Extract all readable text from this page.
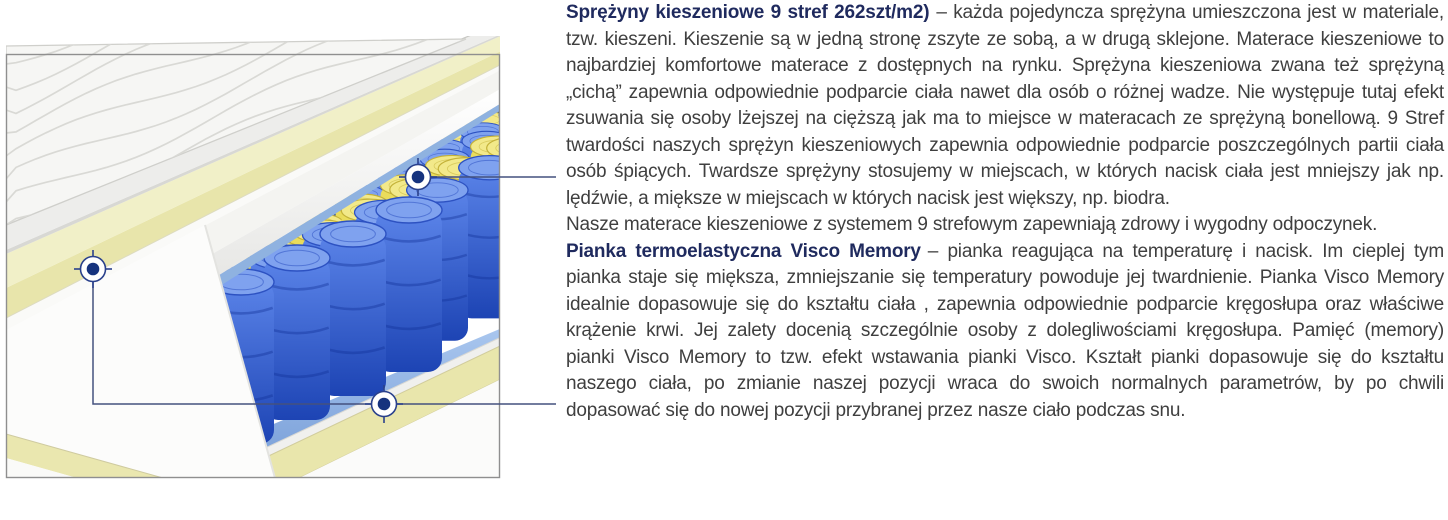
Sprężyny kieszeniowe 9 stref 262szt/m2) – każda pojedyncza sprężyna umieszczona jest w materiale, tzw. kieszeni. Kieszenie są w jedną stronę zszyte ze sobą, a w drugą sklejone. Materace kieszeniowe to najbardziej komfortowe materace z dostępnych na rynku. Sprężyna kieszeniowa zwana też sprężyną „cichą” zapewnia odpowiednie podparcie ciała nawet dla osób o różnej wadze. Nie występuje tutaj efekt zsuwania się osoby lżejszej na cięższą jak ma to miejsce w materacach ze sprężyną bonellową. 9 Stref twardości naszych sprężyn kieszeniowych zapewnia odpowiednie podparcie poszczególnych partii ciała osób śpiących. Twardsze sprężyny stosujemy w miejscach, w których nacisk ciała jest mniejszy jak np. lędźwie, a miększe w miejscach w których nacisk jest większy, np. biodra.

Nasze materace kieszeniowe z systemem 9 strefowym zapewniają zdrowy i wygodny odpoczynek.

Pianka termoelastyczna Visco Memory – pianka reagująca na temperaturę i nacisk. Im cieplej tym pianka staje się miększa, zmniejszanie się temperatury powoduje jej twardnienie. Pianka Visco Memory idealnie dopasowuje się do kształtu ciała , zapewnia odpowiednie podparcie kręgosłupa oraz właściwe krążenie krwi. Jej zalety docenią szczególnie osoby z dolegliwościami kręgosłupa. Pamięć (memory) pianki Visco Memory to tzw. efekt wstawania pianki Visco. Kształt pianki dopasowuje się do kształtu naszego ciała, po zmianie naszej pozycji wraca do swoich normalnych parametrów, by po chwili dopasować się do nowej pozycji przybranej przez nasze ciało podczas snu.
